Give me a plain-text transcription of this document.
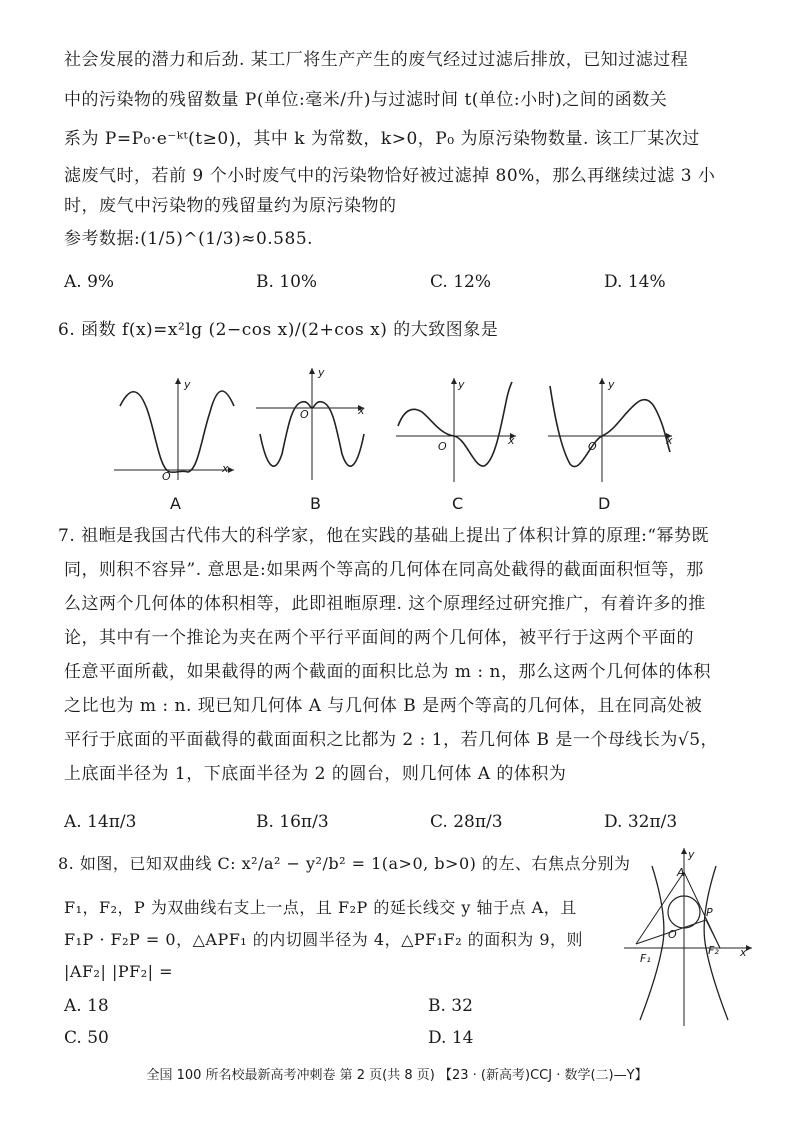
社会发展的潜力和后劲. 某工厂将生产产生的废气经过过滤后排放，已知过滤过程
中的污染物的残留数量 P(单位:毫米/升)与过滤时间 t(单位:小时)之间的函数关
系为 P=P₀·e⁻ᵏᵗ(t≥0)，其中 k 为常数，k>0，P₀ 为原污染物数量. 该工厂某次过
滤废气时，若前 9 个小时废气中的污染物恰好被过滤掉 80%，那么再继续过滤 3 小
时，废气中污染物的残留量约为原污染物的
参考数据:(1/5)^(1/3)≈0.585.
A. 9%	B. 10%	C. 12%	D. 14%
6. 函数 f(x)=x²lg (2−cos x)/(2+cos x) 的大致图象是
y
x
O
A
y
x
O
B
y
x
O
C
y
x
O
D
7. 祖暅是我国古代伟大的科学家，他在实践的基础上提出了体积计算的原理:“幂势既
同，则积不容异”. 意思是:如果两个等高的几何体在同高处截得的截面面积恒等，那
么这两个几何体的体积相等，此即祖暅原理. 这个原理经过研究推广，有着许多的推
论，其中有一个推论为夹在两个平行平面间的两个几何体，被平行于这两个平面的
任意平面所截，如果截得的两个截面的面积比总为 m : n，那么这两个几何体的体积
之比也为 m : n. 现已知几何体 A 与几何体 B 是两个等高的几何体，且在同高处被
平行于底面的平面截得的截面面积之比都为 2 : 1，若几何体 B 是一个母线长为√5，
上底面半径为 1，下底面半径为 2 的圆台，则几何体 A 的体积为
A. 14π/3	B. 16π/3	C. 28π/3	D. 32π/3
8. 如图，已知双曲线 C: x²/a² − y²/b² = 1(a>0, b>0) 的左、右焦点分别为
F₁，F₂，P 为双曲线右支上一点，且 F₂P 的延长线交 y 轴于点 A，且
F₁P · F₂P = 0，△APF₁ 的内切圆半径为 4，△PF₁F₂ 的面积为 9，则
|AF₂| |PF₂| =
A. 18	B. 32
C. 50	D. 14
y
A
P
O
x
F₁
F₂
全国 100 所名校最新高考冲刺卷 第 2 页(共 8 页) 【23 · (新高考)CCJ · 数学(二)—Y】
